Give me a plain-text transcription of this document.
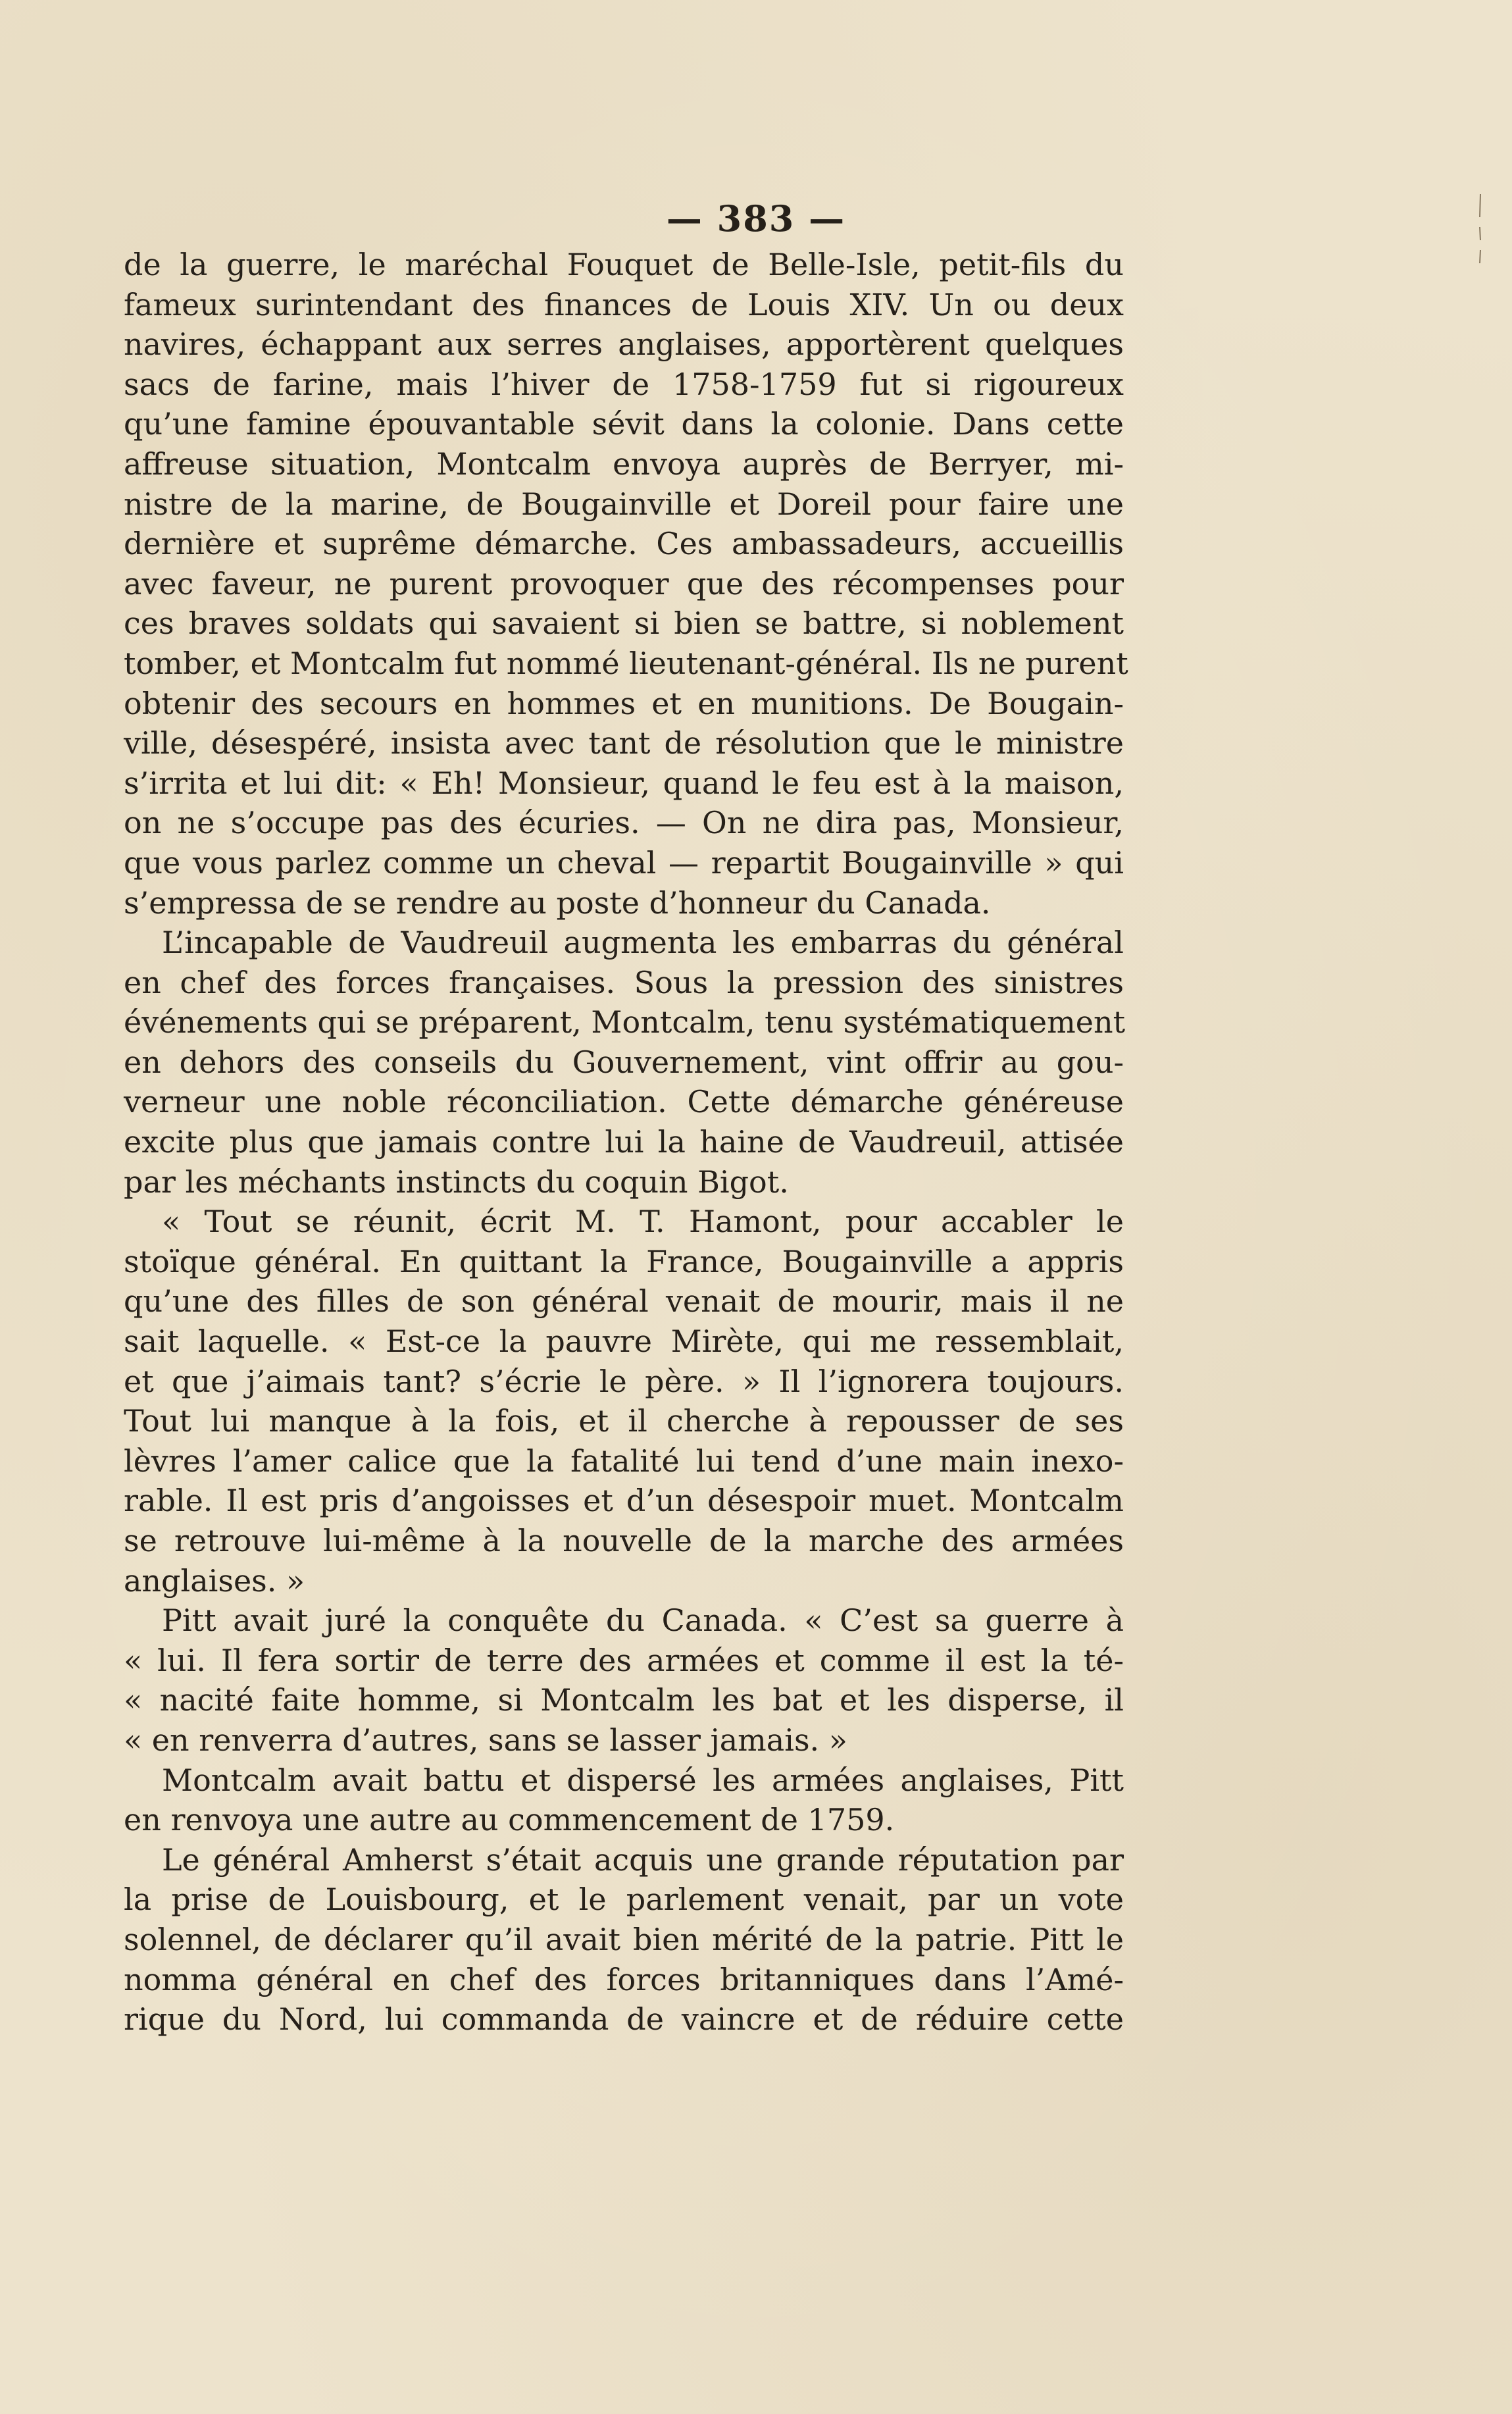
— 383 —
de la guerre, le maréchal Fouquet de Belle-Isle, petit-fils du
fameux surintendant des finances de Louis XIV. Un ou deux
navires, échappant aux serres anglaises, apportèrent quelques
sacs de farine, mais l’hiver de 1758-1759 fut si rigoureux
qu’une famine épouvantable sévit dans la colonie. Dans cette
affreuse situation, Montcalm envoya auprès de Berryer, mi-
nistre de la marine, de Bougainville et Doreil pour faire une
dernière et suprême démarche. Ces ambassadeurs, accueillis
avec faveur, ne purent provoquer que des récompenses pour
ces braves soldats qui savaient si bien se battre, si noblement
tomber, et Montcalm fut nommé lieutenant-général. Ils ne purent
obtenir des secours en hommes et en munitions. De Bougain-
ville, désespéré, insista avec tant de résolution que le ministre
s’irrita et lui dit: « Eh! Monsieur, quand le feu est à la maison,
on ne s’occupe pas des écuries. — On ne dira pas, Monsieur,
que vous parlez comme un cheval — repartit Bougainville » qui
s’empressa de se rendre au poste d’honneur du Canada.
L’incapable de Vaudreuil augmenta les embarras du général
en chef des forces françaises. Sous la pression des sinistres
événements qui se préparent, Montcalm, tenu systématiquement
en dehors des conseils du Gouvernement, vint offrir au gou-
verneur une noble réconciliation. Cette démarche généreuse
excite plus que jamais contre lui la haine de Vaudreuil, attisée
par les méchants instincts du coquin Bigot.
« Tout se réunit, écrit M. T. Hamont, pour accabler le
stoïque général. En quittant la France, Bougainville a appris
qu’une des filles de son général venait de mourir, mais il ne
sait laquelle. « Est-ce la pauvre Mirète, qui me ressemblait,
et que j’aimais tant? s’écrie le père. » Il l’ignorera toujours.
Tout lui manque à la fois, et il cherche à repousser de ses
lèvres l’amer calice que la fatalité lui tend d’une main inexo-
rable. Il est pris d’angoisses et d’un désespoir muet. Montcalm
se retrouve lui-même à la nouvelle de la marche des armées
anglaises. »
Pitt avait juré la conquête du Canada. « C’est sa guerre à
« lui. Il fera sortir de terre des armées et comme il est la té-
« nacité faite homme, si Montcalm les bat et les disperse, il
« en renverra d’autres, sans se lasser jamais. »
Montcalm avait battu et dispersé les armées anglaises, Pitt
en renvoya une autre au commencement de 1759.
Le général Amherst s’était acquis une grande réputation par
la prise de Louisbourg, et le parlement venait, par un vote
solennel, de déclarer qu’il avait bien mérité de la patrie. Pitt le
nomma général en chef des forces britanniques dans l’Amé-
rique du Nord, lui commanda de vaincre et de réduire cette
